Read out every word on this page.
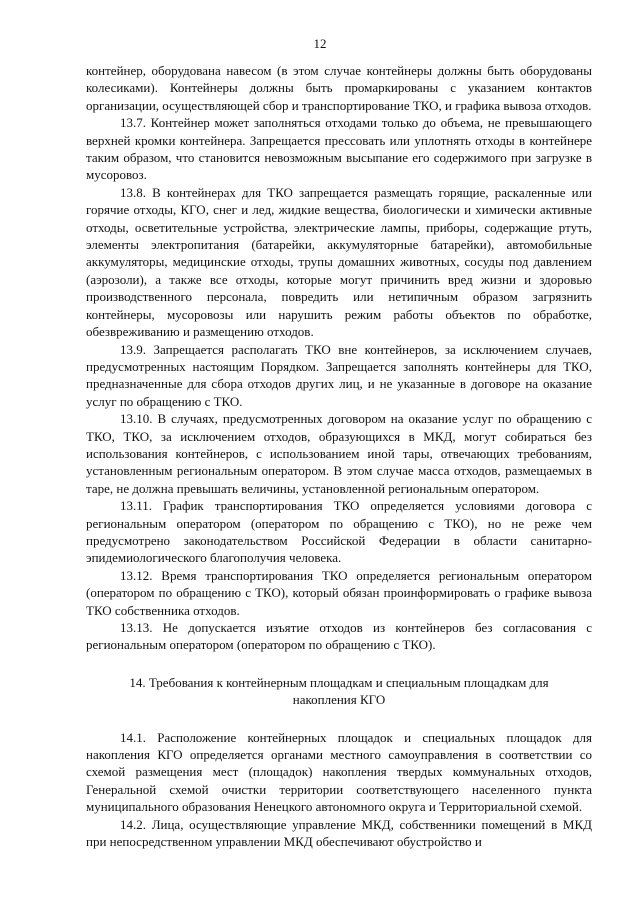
12

контейнер, оборудована навесом (в этом случае контейнеры должны быть оборудованы колесиками). Контейнеры должны быть промаркированы с указанием контактов организации, осуществляющей сбор и транспортирование ТКО, и графика вывоза отходов.

13.7. Контейнер может заполняться отходами только до объема, не превышающего верхней кромки контейнера. Запрещается прессовать или уплотнять отходы в контейнере таким образом, что становится невозможным высыпание его содержимого при загрузке в мусоровоз.

13.8. В контейнерах для ТКО запрещается размещать горящие, раскаленные или горячие отходы, КГО, снег и лед, жидкие вещества, биологически и химически активные отходы, осветительные устройства, электрические лампы, приборы, содержащие ртуть, элементы электропитания (батарейки, аккумуляторные батарейки), автомобильные аккумуляторы, медицинские отходы, трупы домашних животных, сосуды под давлением (аэрозоли), а также все отходы, которые могут причинить вред жизни и здоровью производственного персонала, повредить или нетипичным образом загрязнить контейнеры, мусоровозы или нарушить режим работы объектов по обработке, обезвреживанию и размещению отходов.

13.9. Запрещается располагать ТКО вне контейнеров, за исключением случаев, предусмотренных настоящим Порядком. Запрещается заполнять контейнеры для ТКО, предназначенные для сбора отходов других лиц, и не указанные в договоре на оказание услуг по обращению с ТКО.

13.10. В случаях, предусмотренных договором на оказание услуг по обращению с ТКО, ТКО, за исключением отходов, образующихся в МКД, могут собираться без использования контейнеров, с использованием иной тары, отвечающих требованиям, установленным региональным оператором. В этом случае масса отходов, размещаемых в таре, не должна превышать величины, установленной региональным оператором.

13.11. График транспортирования ТКО определяется условиями договора с региональным оператором (оператором по обращению с ТКО), но не реже чем предусмотрено законодательством Российской Федерации в области санитарно-эпидемиологического благополучия человека.

13.12. Время транспортирования ТКО определяется региональным оператором (оператором по обращению с ТКО), который обязан проинформировать о графике вывоза ТКО собственника отходов.

13.13. Не допускается изъятие отходов из контейнеров без согласования с региональным оператором (оператором по обращению с ТКО).

14. Требования к контейнерным площадкам и специальным площадкам для
накопления КГО

14.1. Расположение контейнерных площадок и специальных площадок для накопления КГО определяется органами местного самоуправления в соответствии со схемой размещения мест (площадок) накопления твердых коммунальных отходов, Генеральной схемой очистки территории соответствующего населенного пункта муниципального образования Ненецкого автономного округа и Территориальной схемой.

14.2. Лица, осуществляющие управление МКД, собственники помещений в МКД при непосредственном управлении МКД обеспечивают обустройство и
